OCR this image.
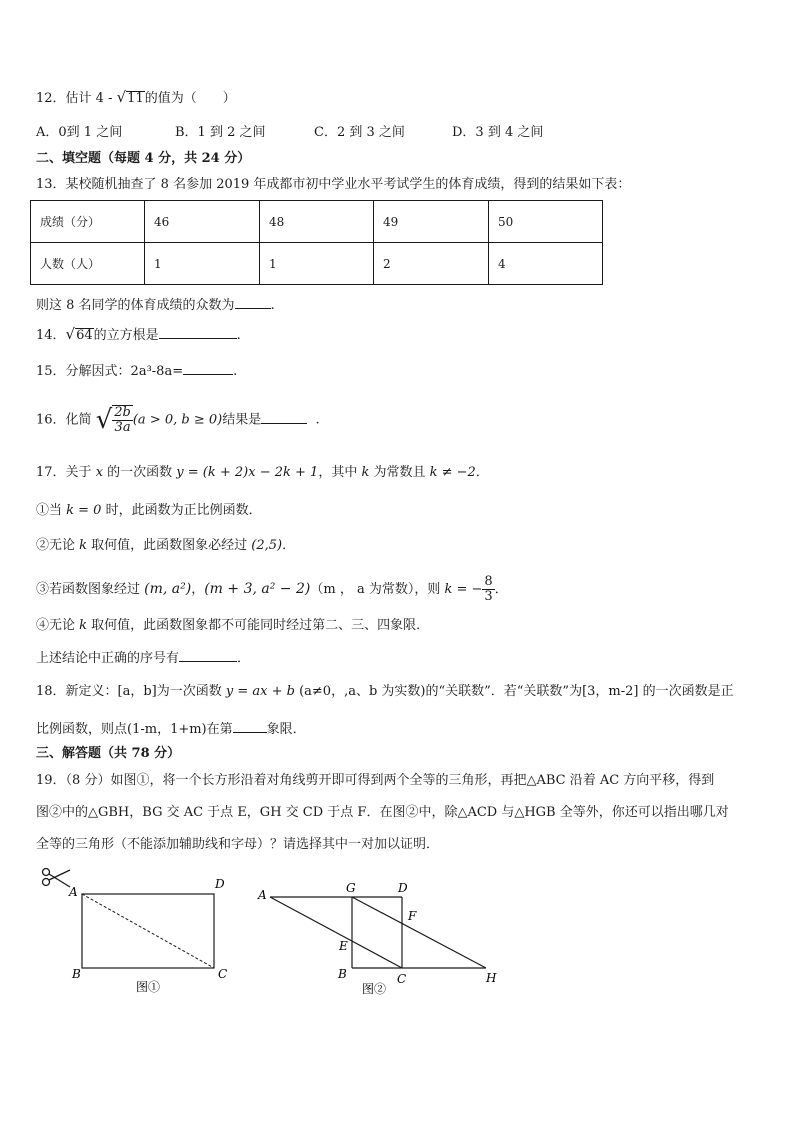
12．估计 4 - √11的值为（　　）
A．0到 1 之间	B．1 到 2 之间	C．2 到 3 之间	D．3 到 4 之间
二、填空题（每题 4 分，共 24 分）
13．某校随机抽查了 8 名参加 2019 年成都市初中学业水平考试学生的体育成绩，得到的结果如下表：
成绩（分）	46	48	49	50
人数（人）	1	1	2	4
则这 8 名同学的体育成绩的众数为	.
14．√64的立方根是	.
15．分解因式：2a³-8a=	.
16．化简 √ $\frac{2b}{3a} (a > 0$, b ≥ 0)结果是	.
17．关于 x 的一次函数 y = (k + 2)x − 2k + 1，其中 k 为常数且 k ≠ −2．
①当 k = 0 时，此函数为正比例函数．
②无论 k 取何值，此函数图象必经过 (2,5)．
③若函数图象经过 (m, a²)，(m + 3, a² − 2)（m ， a 为常数），则 k = − $\frac{8}{3}$ ．
④无论 k 取何值，此函数图象都不可能同时经过第二、三、四象限．
上述结论中正确的序号有	．
18．新定义：[a，b]为一次函数 y = ax + b (a≠0，,a、b 为实数)的“关联数”．若“关联数”为[3，m-2] 的一次函数是正
比例函数，则点(1-m，1+m)在第	象限．
三、解答题（共 78 分）
19．（8 分）如图①，将一个长方形沿着对角线剪开即可得到两个全等的三角形，再把△ABC 沿着 AC 方向平移，得到
图②中的△GBH，BG 交 AC 于点 E，GH 交 CD 于点 F．在图②中，除△ACD 与△HGB 全等外，你还可以指出哪几对
全等的三角形（不能添加辅助线和字母）？请选择其中一对加以证明．
A
D
B	C
图①
A	G	D
F
E
B	C	H
图②
